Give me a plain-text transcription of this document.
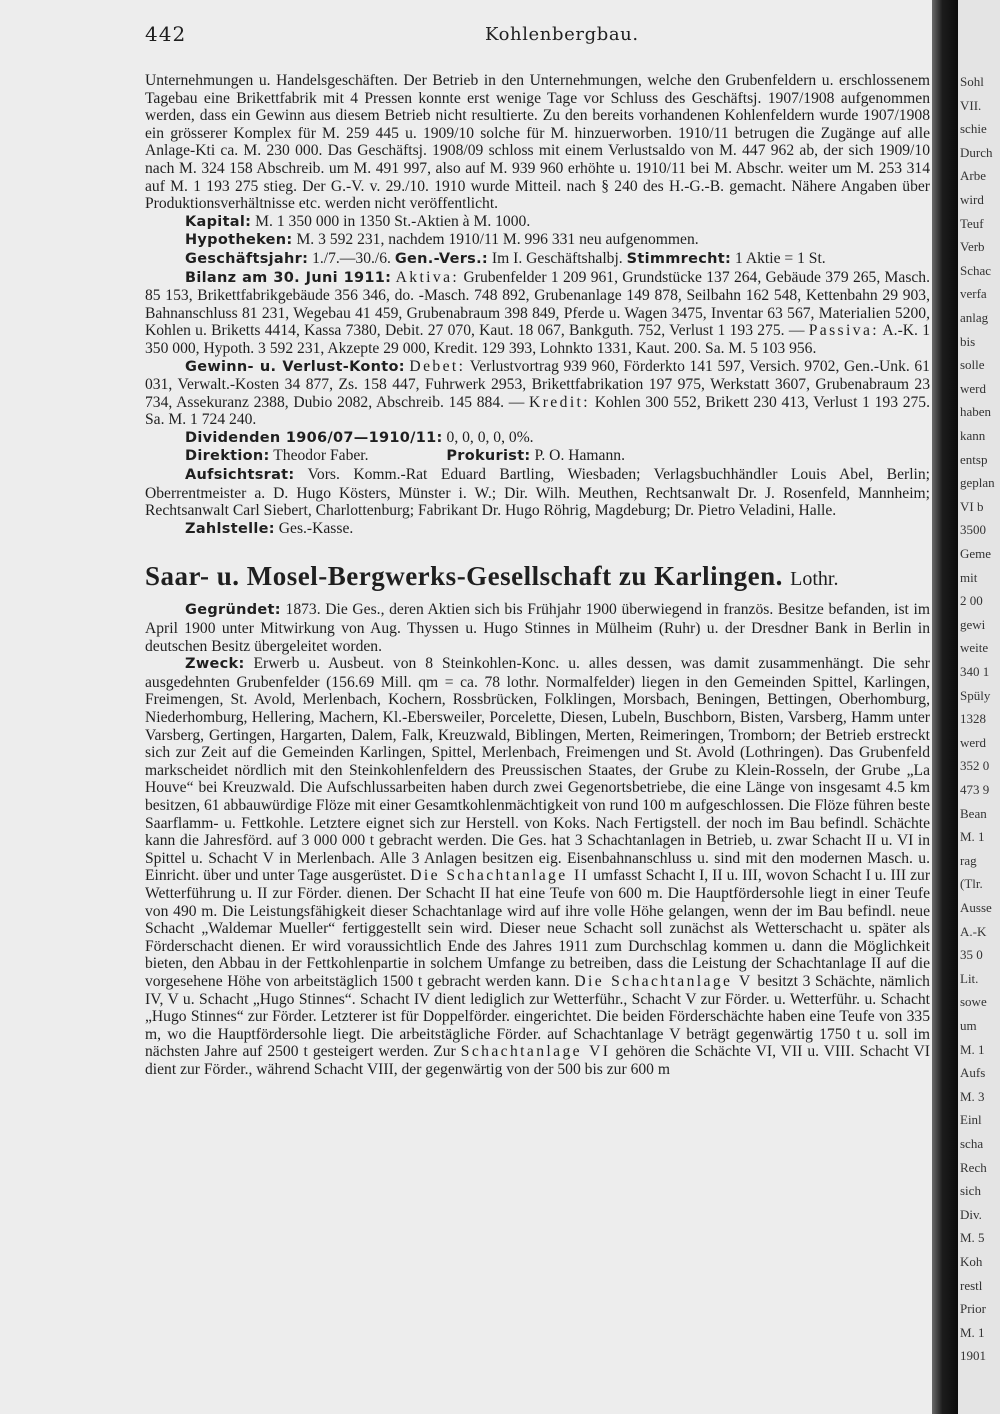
442	Kohlenbergbau.

Unternehmungen u. Handelsgeschäften. Der Betrieb in den Unternehmungen, welche den Grubenfeldern u. erschlossenem Tagebau eine Brikettfabrik mit 4 Pressen konnte erst wenige Tage vor Schluss des Geschäftsj. 1907/1908 aufgenommen werden, dass ein Gewinn aus diesem Betrieb nicht resultierte. Zu den bereits vorhandenen Kohlenfeldern wurde 1907/1908 ein grösserer Komplex für M. 259 445 u. 1909/10 solche für M. hinzuerworben. 1910/11 betrugen die Zugänge auf alle Anlage-Kti ca. M. 230 000. Das Geschäftsj. 1908/09 schloss mit einem Verlustsaldo von M. 447 962 ab, der sich 1909/10 nach M. 324 158 Abschreib. um M. 491 997, also auf M. 939 960 erhöhte u. 1910/11 bei M. Abschr. weiter um M. 253 314 auf M. 1 193 275 stieg. Der G.-V. v. 29./10. 1910 wurde Mitteil. nach § 240 des H.-G.-B. gemacht. Nähere Angaben über Produktionsverhältnisse etc. werden nicht veröffentlicht.

Kapital: M. 1 350 000 in 1350 St.-Aktien à M. 1000.

Hypotheken: M. 3 592 231, nachdem 1910/11 M. 996 331 neu aufgenommen.

Geschäftsjahr: 1./7.—30./6. Gen.-Vers.: Im I. Geschäftshalbj. Stimmrecht: 1 Aktie = 1 St.

Bilanz am 30. Juni 1911: Aktiva: Grubenfelder 1 209 961, Grundstücke 137 264, Gebäude 379 265, Masch. 85 153, Brikettfabrikgebäude 356 346, do. -Masch. 748 892, Grubenanlage 149 878, Seilbahn 162 548, Kettenbahn 29 903, Bahnanschluss 81 231, Wegebau 41 459, Grubenabraum 398 849, Pferde u. Wagen 3475, Inventar 63 567, Materialien 5200, Kohlen u. Briketts 4414, Kassa 7380, Debit. 27 070, Kaut. 18 067, Bankguth. 752, Verlust 1 193 275. — Passiva: A.-K. 1 350 000, Hypoth. 3 592 231, Akzepte 29 000, Kredit. 129 393, Lohnkto 1331, Kaut. 200. Sa. M. 5 103 956.

Gewinn- u. Verlust-Konto: Debet: Verlustvortrag 939 960, Förderkto 141 597, Versich. 9702, Gen.-Unk. 61 031, Verwalt.-Kosten 34 877, Zs. 158 447, Fuhrwerk 2953, Brikettfabrikation 197 975, Werkstatt 3607, Grubenabraum 23 734, Assekuranz 2388, Dubio 2082, Abschreib. 145 884. — Kredit: Kohlen 300 552, Brikett 230 413, Verlust 1 193 275. Sa. M. 1 724 240.

Dividenden 1906/07—1910/11: 0, 0, 0, 0, 0%.

Direktion: Theodor Faber.	Prokurist: P. O. Hamann.

Aufsichtsrat: Vors. Komm.-Rat Eduard Bartling, Wiesbaden; Verlagsbuchhändler Louis Abel, Berlin; Oberrentmeister a. D. Hugo Kösters, Münster i. W.; Dir. Wilh. Meuthen, Rechtsanwalt Dr. J. Rosenfeld, Mannheim; Rechtsanwalt Carl Siebert, Charlottenburg; Fabrikant Dr. Hugo Röhrig, Magdeburg; Dr. Pietro Veladini, Halle.

Zahlstelle: Ges.-Kasse.

Saar- u. Mosel-Bergwerks-Gesellschaft zu Karlingen. Lothr.

Gegründet: 1873. Die Ges., deren Aktien sich bis Frühjahr 1900 überwiegend in französ. Besitze befanden, ist im April 1900 unter Mitwirkung von Aug. Thyssen u. Hugo Stinnes in Mülheim (Ruhr) u. der Dresdner Bank in Berlin in deutschen Besitz übergeleitet worden.

Zweck: Erwerb u. Ausbeut. von 8 Steinkohlen-Konc. u. alles dessen, was damit zusammenhängt. Die sehr ausgedehnten Grubenfelder (156.69 Mill. qm = ca. 78 lothr. Normalfelder) liegen in den Gemeinden Spittel, Karlingen, Freimengen, St. Avold, Merlenbach, Kochern, Rossbrücken, Folklingen, Morsbach, Beningen, Bettingen, Oberhomburg, Niederhomburg, Hellering, Machern, Kl.-Ebersweiler, Porcelette, Diesen, Lubeln, Buschborn, Bisten, Varsberg, Hamm unter Varsberg, Gertingen, Hargarten, Dalem, Falk, Kreuzwald, Biblingen, Merten, Reimeringen, Tromborn; der Betrieb erstreckt sich zur Zeit auf die Gemeinden Karlingen, Spittel, Merlenbach, Freimengen und St. Avold (Lothringen). Das Grubenfeld markscheidet nördlich mit den Steinkohlenfeldern des Preussischen Staates, der Grube zu Klein-Rosseln, der Grube „La Houve“ bei Kreuzwald. Die Aufschlussarbeiten haben durch zwei Gegenortsbetriebe, die eine Länge von insgesamt 4.5 km besitzen, 61 abbauwürdige Flöze mit einer Gesamtkohlenmächtigkeit von rund 100 m aufgeschlossen. Die Flöze führen beste Saarflamm- u. Fettkohle. Letztere eignet sich zur Herstell. von Koks. Nach Fertigstell. der noch im Bau befindl. Schächte kann die Jahresförd. auf 3 000 000 t gebracht werden. Die Ges. hat 3 Schachtanlagen in Betrieb, u. zwar Schacht II u. VI in Spittel u. Schacht V in Merlenbach. Alle 3 Anlagen besitzen eig. Eisenbahnanschluss u. sind mit den modernen Masch. u. Einricht. über und unter Tage ausgerüstet. Die Schachtanlage II umfasst Schacht I, II u. III, wovon Schacht I u. III zur Wetterführung u. II zur Förder. dienen. Der Schacht II hat eine Teufe von 600 m. Die Hauptfördersohle liegt in einer Teufe von 490 m. Die Leistungsfähigkeit dieser Schachtanlage wird auf ihre volle Höhe gelangen, wenn der im Bau befindl. neue Schacht „Waldemar Mueller“ fertiggestellt sein wird. Dieser neue Schacht soll zunächst als Wetterschacht u. später als Förderschacht dienen. Er wird voraussichtlich Ende des Jahres 1911 zum Durchschlag kommen u. dann die Möglichkeit bieten, den Abbau in der Fettkohlenpartie in solchem Umfange zu betreiben, dass die Leistung der Schachtanlage II auf die vorgesehene Höhe von arbeitstäglich 1500 t gebracht werden kann. Die Schachtanlage V besitzt 3 Schächte, nämlich IV, V u. Schacht „Hugo Stinnes“. Schacht IV dient lediglich zur Wetterführ., Schacht V zur Förder. u. Wetterführ. u. Schacht „Hugo Stinnes“ zur Förder. Letzterer ist für Doppelförder. eingerichtet. Die beiden Förderschächte haben eine Teufe von 335 m, wo die Hauptfördersohle liegt. Die arbeitstägliche Förder. auf Schachtanlage V beträgt gegenwärtig 1750 t u. soll im nächsten Jahre auf 2500 t gesteigert werden. Zur Schachtanlage VI gehören die Schächte VI, VII u. VIII. Schacht VI dient zur Förder., während Schacht VIII, der gegenwärtig von der 500 bis zur 600 m

Sohl
VII.
schie
Durch
Arbe
wird
Teuf
Verb
Schac
verfa
anlag
bis
solle
werd
haben
kann
entsp
geplan
VI b
3500
Geme
mit
2 00
gewi
weite
340 1
Spüly
1328
werd
352 0
473 9
Bean
M. 1
rag
(Tlr.
Ausse
A.-K
35 0
Lit.
sowe
um
M. 1
Aufs
M. 3
Einl
scha
Rech
sich
Div.
M. 5
Koh
restl
Prior
M. 1
1901
